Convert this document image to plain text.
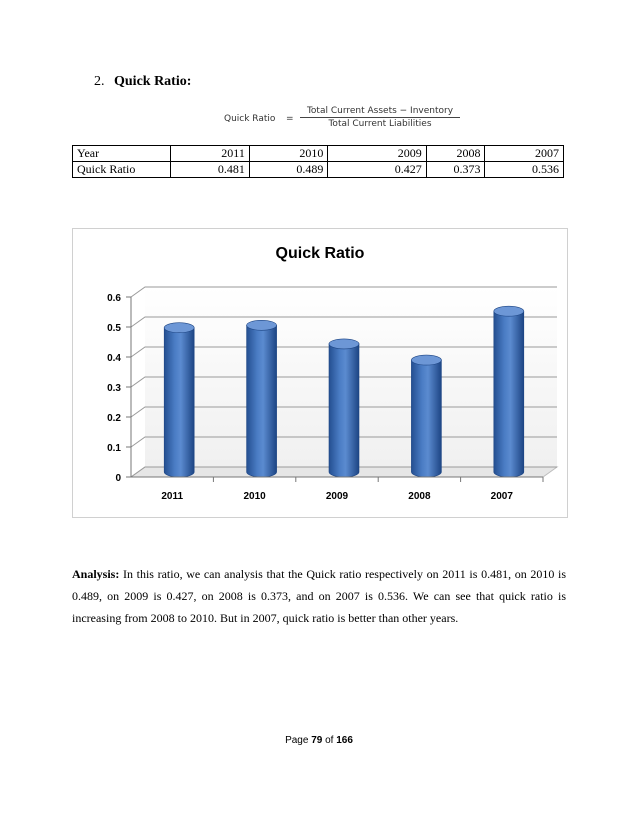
2. Quick Ratio:
Quick Ratio =
Total Current Assets − Inventory
Total Current Liabilities
Year	2011	2010	2009	2008	2007
Quick Ratio	0.481	0.489	0.427	0.373	0.536
Quick Ratio
0
0.1
0.2
0.3
0.4
0.5
0.6
2011	2010	2009	2008	2007
Analysis: In this ratio, we can analysis that the Quick ratio respectively on 2011 is 0.481, on 2010 is 0.489, on 2009 is 0.427, on 2008 is 0.373, and on 2007 is 0.536. We can see that quick ratio is increasing from 2008 to 2010. But in 2007, quick ratio is better than other years.
Page 79 of 166
